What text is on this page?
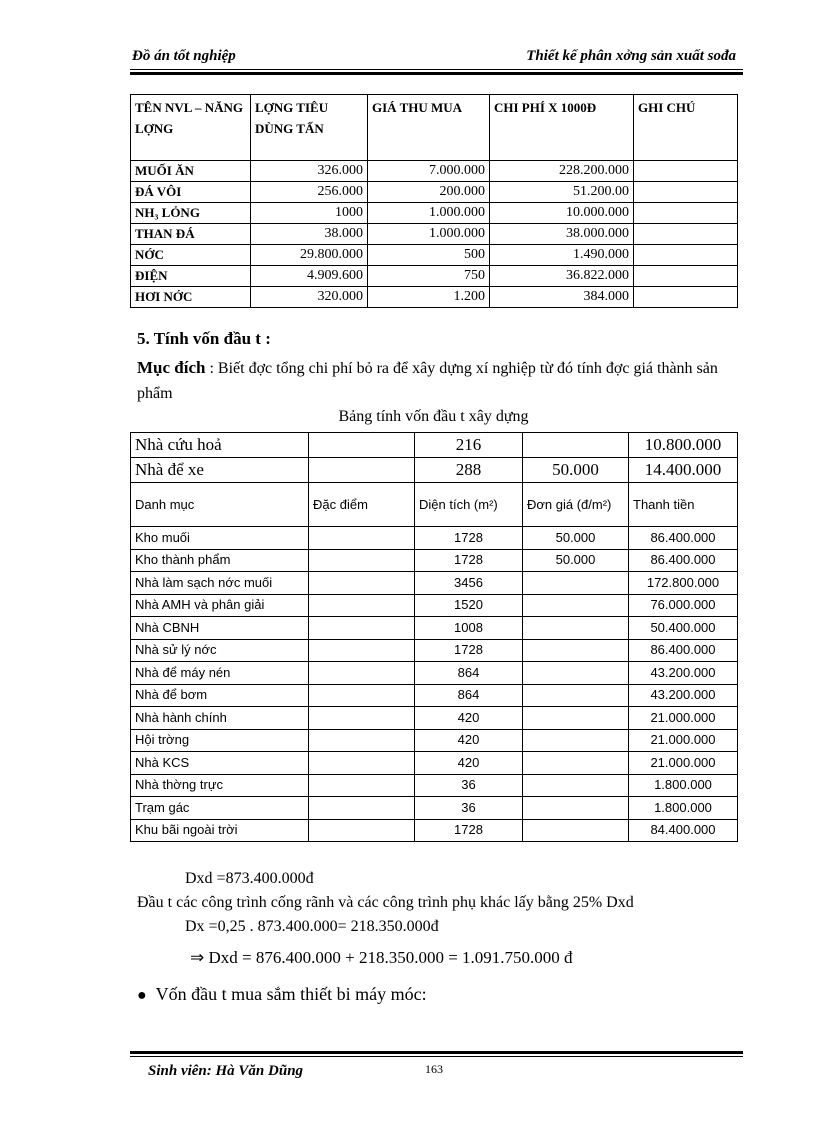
Đồ án tốt nghiệp	Thiết kế phân xởng sản xuất sođa
TÊN NVL – NĂNG LỢNG	LỢNG TIÊU DÙNG TẤN	GIÁ THU MUA	CHI PHÍ X 1000Đ	GHI CHÚ
MUỐI ĂN	326.000	7.000.000	228.200.000	
ĐÁ VÔI	256.000	200.000	51.200.00	
NH₃ LỎNG	1000	1.000.000	10.000.000	
THAN ĐÁ	38.000	1.000.000	38.000.000	
NỚC	29.800.000	500	1.490.000	
ĐIỆN	4.909.600	750	36.822.000	
HƠI NỚC	320.000	1.200	384.000	
5. Tính vốn đầu t :
Mục đích : Biết đợc tổng chi phí bỏ ra để xây dựng xí nghiệp từ đó tính đợc giá thành sản phẩm
Bảng tính vốn đầu t xây dựng
Nhà cứu hoả		216		10.800.000
Nhà để xe		288	50.000	14.400.000
Danh mục	Đặc điểm	Diện tích (m²)	Đơn giá (đ/m²)	Thanh tiền
Kho muối		1728	50.000	86.400.000
Kho thành phẩm		1728	50.000	86.400.000
Nhà làm sạch nớc muối		3456		172.800.000
Nhà AMH và phân giải		1520		76.000.000
Nhà CBNH		1008		50.400.000
Nhà sử lý nớc		1728		86.400.000
Nhà để máy nén		864		43.200.000
Nhà để bơm		864		43.200.000
Nhà hành chính		420		21.000.000
Hội trờng		420		21.000.000
Nhà KCS		420		21.000.000
Nhà thờng trực		36		1.800.000
Trạm gác		36		1.800.000
Khu bãi ngoài trời		1728		84.400.000
Dxd =873.400.000đ
Đầu t các công trình cống rãnh và các công trình phụ khác lấy bằng 25% Dxd
Dx =0,25 . 873.400.000= 218.350.000đ
⇒ Dxd = 876.400.000 + 218.350.000 = 1.091.750.000 đ
● Vốn đầu t mua sắm thiết bi máy móc:
Sinh viên: Hà Văn Dũng	163
